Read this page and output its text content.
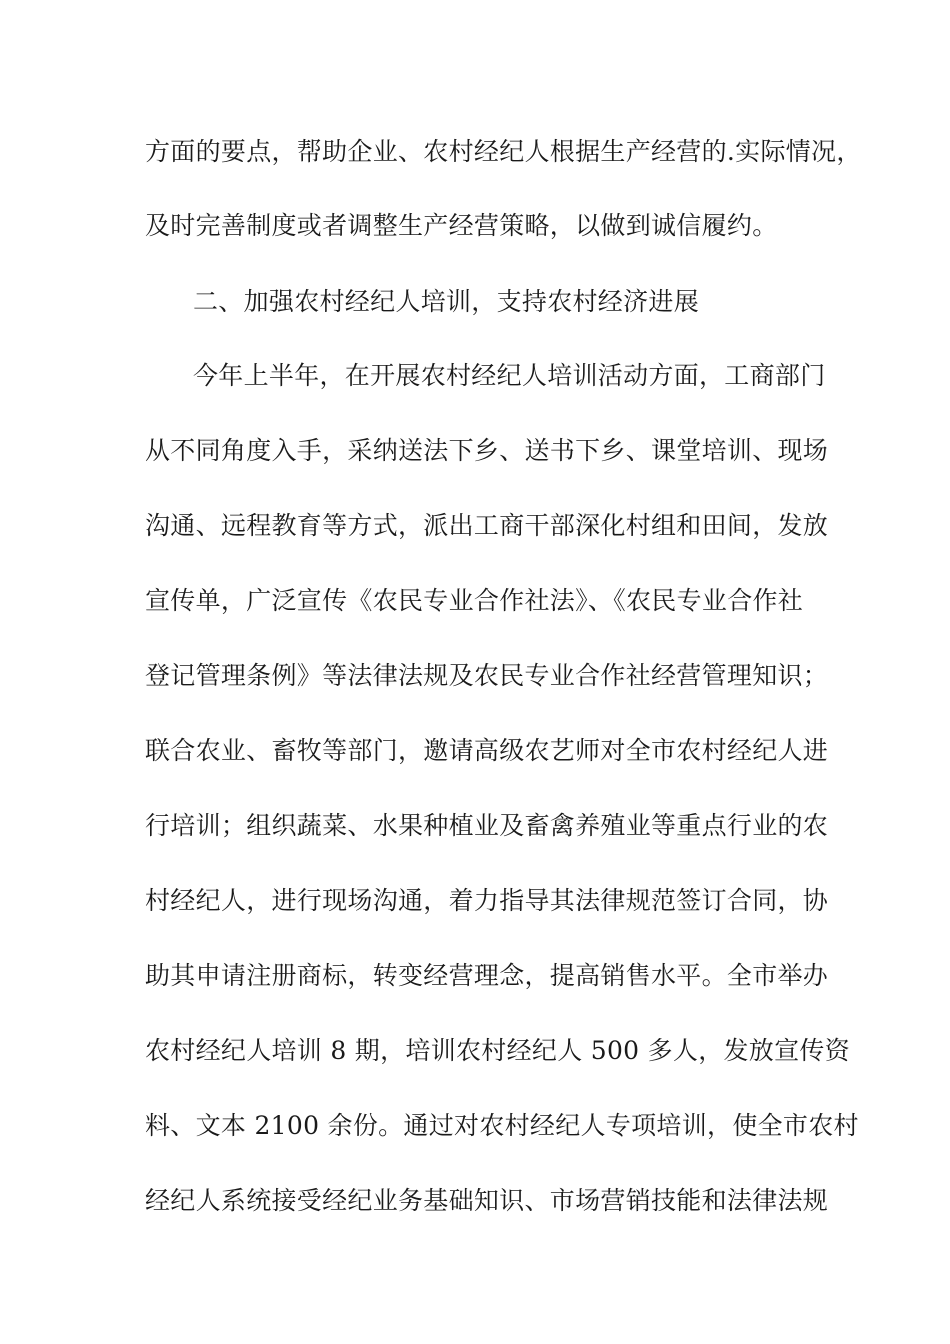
方面的要点，帮助企业、农村经纪人根据生产经营的.实际情况，
及时完善制度或者调整生产经营策略，以做到诚信履约。
二、加强农村经纪人培训，支持农村经济进展
今年上半年，在开展农村经纪人培训活动方面，工商部门
从不同角度入手，采纳送法下乡、送书下乡、课堂培训、现场
沟通、远程教育等方式，派出工商干部深化村组和田间，发放
宣传单，广泛宣传《农民专业合作社法》、《农民专业合作社
登记管理条例》等法律法规及农民专业合作社经营管理知识；
联合农业、畜牧等部门，邀请高级农艺师对全市农村经纪人进
行培训；组织蔬菜、水果种植业及畜禽养殖业等重点行业的农
村经纪人，进行现场沟通，着力指导其法律规范签订合同，协
助其申请注册商标，转变经营理念，提高销售水平。全市举办
农村经纪人培训 8 期，培训农村经纪人 500 多人，发放宣传资
料、文本 2100 余份。通过对农村经纪人专项培训，使全市农村
经纪人系统接受经纪业务基础知识、市场营销技能和法律法规
